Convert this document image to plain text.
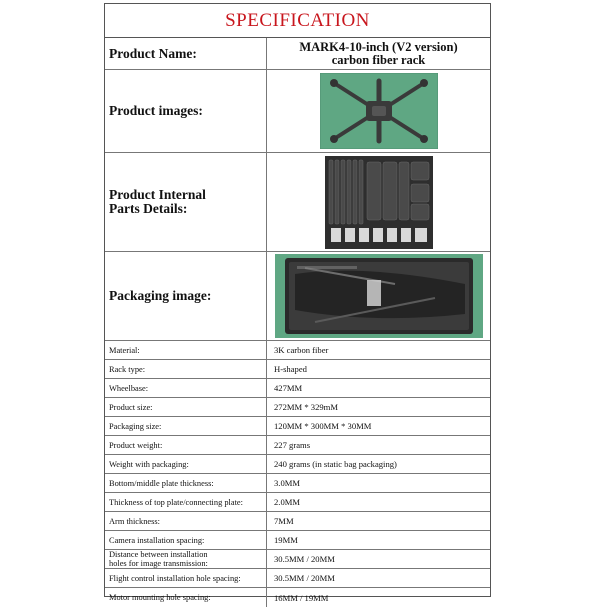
SPECIFICATION
Product Name:	MARK4-10-inch (V2 version)
carbon fiber rack
Product images:
Product Internal
Parts Details:
Packaging image:
Material:	3K carbon fiber
Rack type:	H-shaped
Wheelbase:	427MM
Product size:	272MM * 329mM
Packaging size:	120MM * 300MM * 30MM
Product weight:	227 grams
Weight with packaging:	240 grams (in static bag packaging)
Bottom/middle plate thickness:	3.0MM
Thickness of top plate/connecting plate:	2.0MM
Arm thickness:	7MM
Camera installation spacing:	19MM
Distance between installation
holes for image transmission:	30.5MM / 20MM
Flight control installation hole spacing:	30.5MM / 20MM
Motor mounting hole spacing:	16MM / 19MM
